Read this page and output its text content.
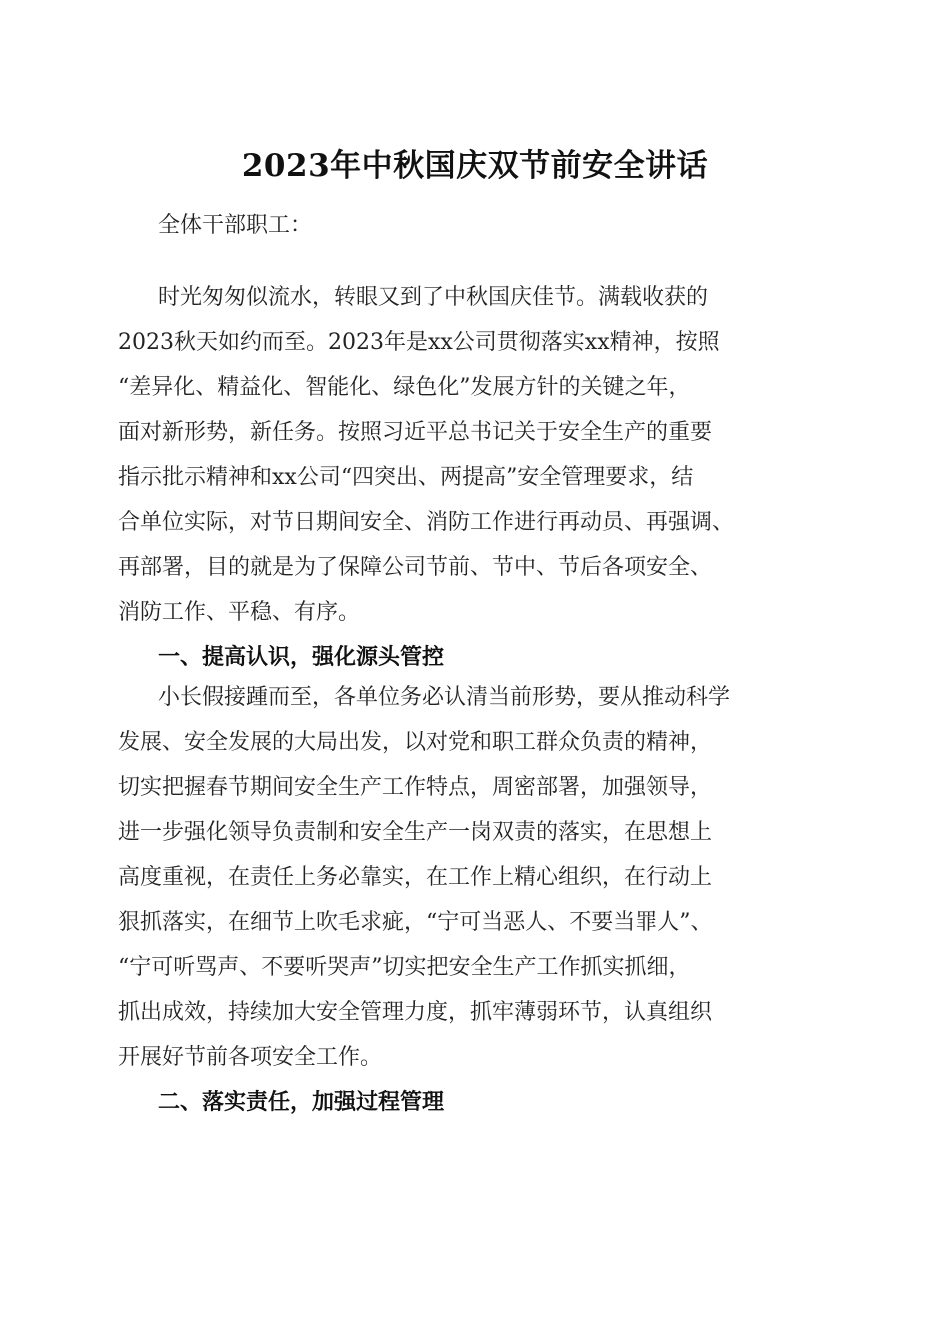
2023年中秋国庆双节前安全讲话
全体干部职工：
时光匆匆似流水，转眼又到了中秋国庆佳节。满载收获的
2023秋天如约而至。2023年是xx公司贯彻落实xx精神，按照
“差异化、精益化、智能化、绿色化”发展方针的关键之年，
面对新形势，新任务。按照习近平总书记关于安全生产的重要
指示批示精神和xx公司“四突出、两提高”安全管理要求，结
合单位实际，对节日期间安全、消防工作进行再动员、再强调、
再部署，目的就是为了保障公司节前、节中、节后各项安全、
消防工作、平稳、有序。
一、提高认识，强化源头管控
小长假接踵而至，各单位务必认清当前形势，要从推动科学
发展、安全发展的大局出发，以对党和职工群众负责的精神，
切实把握春节期间安全生产工作特点，周密部署，加强领导，
进一步强化领导负责制和安全生产一岗双责的落实，在思想上
高度重视，在责任上务必靠实，在工作上精心组织，在行动上
狠抓落实，在细节上吹毛求疵，“宁可当恶人、不要当罪人”、
“宁可听骂声、不要听哭声”切实把安全生产工作抓实抓细，
抓出成效，持续加大安全管理力度，抓牢薄弱环节，认真组织
开展好节前各项安全工作。
二、落实责任，加强过程管理
